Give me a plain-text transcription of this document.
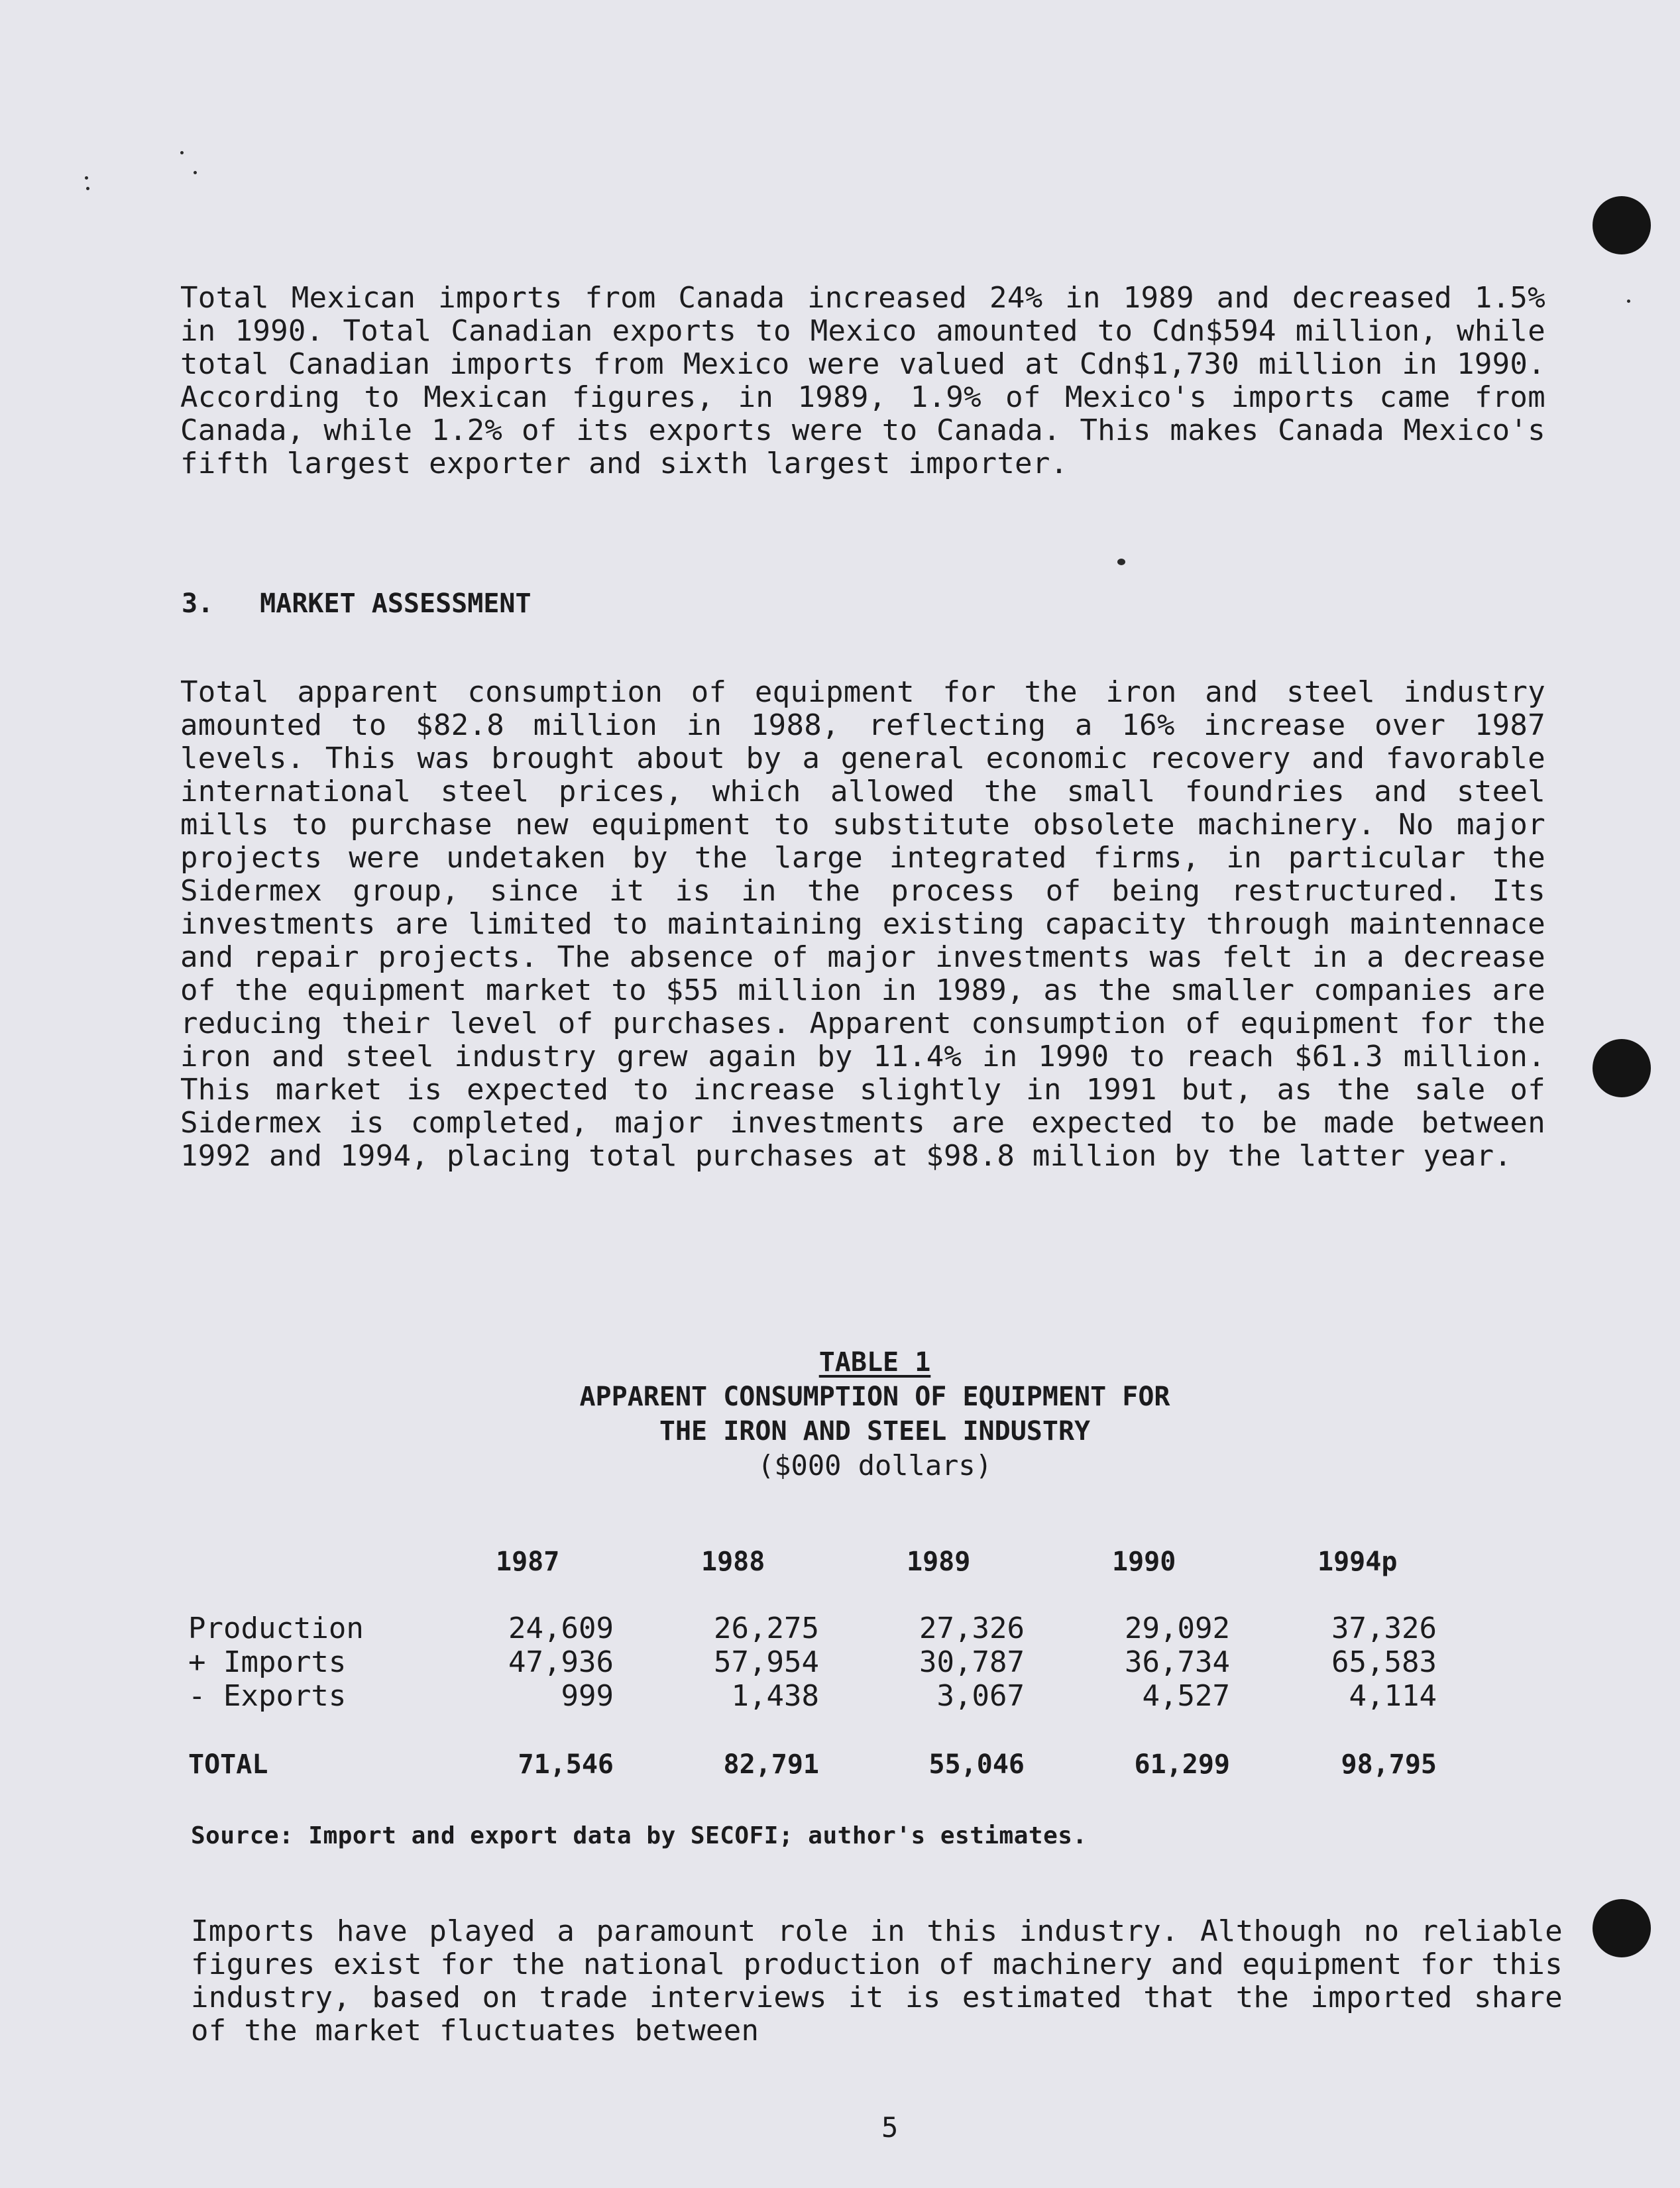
Total Mexican imports from Canada increased 24% in 1989 and decreased 1.5% in 1990. Total Canadian exports to Mexico amounted to Cdn$594 million, while total Canadian imports from Mexico were valued at Cdn$1,730 million in 1990. According to Mexican figures, in 1989, 1.9% of Mexico's imports came from Canada, while 1.2% of its exports were to Canada. This makes Canada Mexico's fifth largest exporter and sixth largest importer.

3. MARKET ASSESSMENT

Total apparent consumption of equipment for the iron and steel industry amounted to $82.8 million in 1988, reflecting a 16% increase over 1987 levels. This was brought about by a general economic recovery and favorable international steel prices, which allowed the small foundries and steel mills to purchase new equipment to substitute obsolete machinery. No major projects were undetaken by the large integrated firms, in particular the Sidermex group, since it is in the process of being restructured. Its investments are limited to maintaining existing capacity through maintennace and repair projects. The absence of major investments was felt in a decrease of the equipment market to $55 million in 1989, as the smaller companies are reducing their level of purchases. Apparent consumption of equipment for the iron and steel industry grew again by 11.4% in 1990 to reach $61.3 million. This market is expected to increase slightly in 1991 but, as the sale of Sidermex is completed, major investments are expected to be made between 1992 and 1994, placing total purchases at $98.8 million by the latter year.

TABLE 1
APPARENT CONSUMPTION OF EQUIPMENT FOR
THE IRON AND STEEL INDUSTRY
($000 dollars)
	1987	1988	1989	1990	1994p

Production	24,609	26,275	27,326	29,092	37,326
+ Imports	47,936	57,954	30,787	36,734	65,583
- Exports	999	1,438	3,067	4,527	4,114

TOTAL	71,546	82,791	55,046	61,299	98,795
Source: Import and export data by SECOFI; author's estimates.

Imports have played a paramount role in this industry. Although no reliable figures exist for the national production of machinery and equipment for this industry, based on trade interviews it is estimated that the imported share of the market fluctuates between

5
